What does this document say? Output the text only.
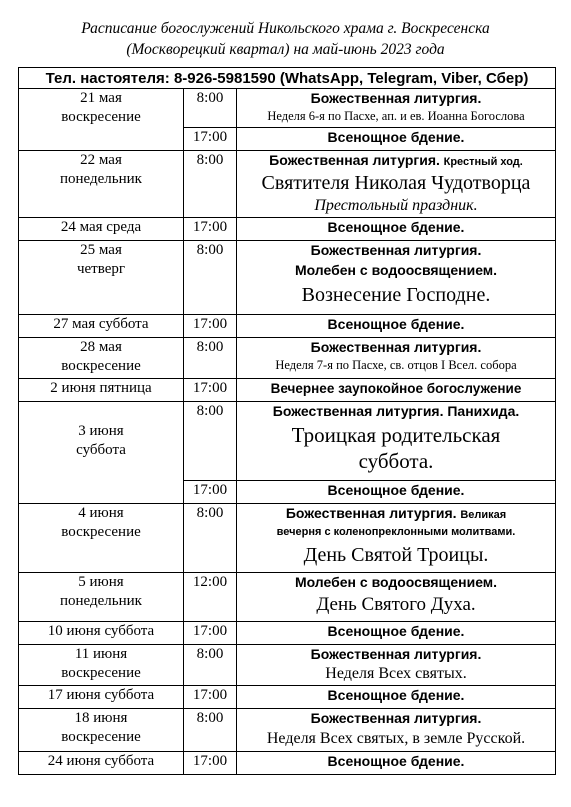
Расписание богослужений Никольского храма г. Воскресенска
(Москворецкий квартал) на май-июнь 2023 года
Тел. настоятеля: 8-926-5981590 (WhatsApp, Telegram, Viber, Сбер)		
21 мая
воскресение	8:00	Божественная литургия.
Неделя 6-я по Пасхе, ап. и ев. Иоанна Богослова

	17:00	Всенощное бдение.

22 мая
понедельник	8:00	Божественная литургия. Крестный ход.
Святителя Николая Чудотворца
Престольный праздник.

24 мая среда	17:00	Всенощное бдение.

25 мая
четверг	8:00	Божественная литургия.
Молебен с водоосвящением.
Вознесение Господне.

27 мая суббота	17:00	Всенощное бдение.

28 мая
воскресение	8:00	Божественная литургия.
Неделя 7-я по Пасхе, св. отцов I Всел. собора

2 июня пятница	17:00	Вечернее заупокойное богослужение

3 июня
суббота	8:00	Божественная литургия. Панихида.
Троицкая родительская
суббота.

	17:00	Всенощное бдение.

4 июня
воскресение	8:00	Божественная литургия. Великая
вечерня с коленопреклонными молитвами.
День Святой Троицы.

5 июня
понедельник	12:00	Молебен с водоосвящением.
День Святого Духа.

10 июня суббота	17:00	Всенощное бдение.

11 июня
воскресение	8:00	Божественная литургия.
Неделя Всех святых.

17 июня суббота	17:00	Всенощное бдение.

18 июня
воскресение	8:00	Божественная литургия.
Неделя Всех святых, в земле Русской.

24 июня суббота	17:00	Всенощное бдение.
